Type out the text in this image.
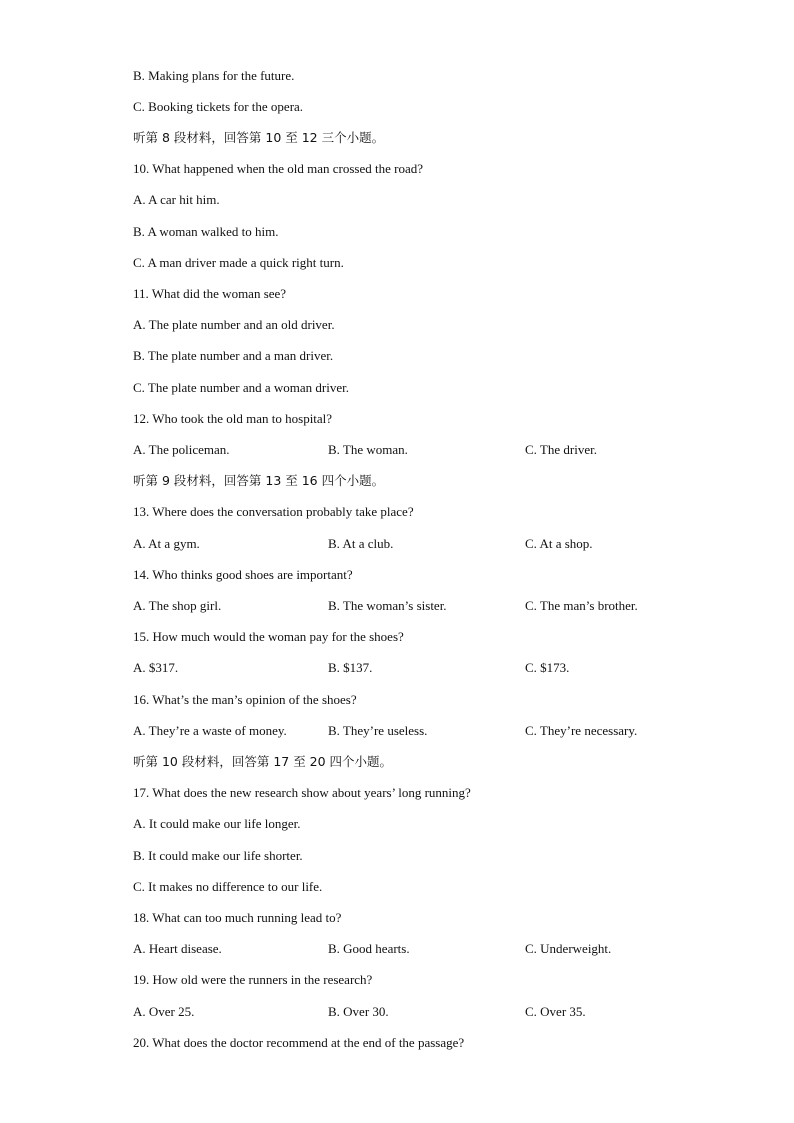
B. Making plans for the future.
C. Booking tickets for the opera.
听第 8 段材料，回答第 10 至 12 三个小题。
10. What happened when the old man crossed the road?
A. A car hit him.
B. A woman walked to him.
C. A man driver made a quick right turn.
11. What did the woman see?
A. The plate number and an old driver.
B. The plate number and a man driver.
C. The plate number and a woman driver.
12. Who took the old man to hospital?
A. The policeman.	B. The woman.	C. The driver.
听第 9 段材料，回答第 13 至 16 四个小题。
13. Where does the conversation probably take place?
A. At a gym.	B. At a club.	C. At a shop.
14. Who thinks good shoes are important?
A. The shop girl.	B. The woman’s sister.	C. The man’s brother.
15. How much would the woman pay for the shoes?
A. $317.	B. $137.	C. $173.
16. What’s the man’s opinion of the shoes?
A. They’re a waste of money.	B. They’re useless.	C. They’re necessary.
听第 10 段材料，回答第 17 至 20 四个小题。
17. What does the new research show about years’ long running?
A. It could make our life longer.
B. It could make our life shorter.
C. It makes no difference to our life.
18. What can too much running lead to?
A. Heart disease.	B. Good hearts.	C. Underweight.
19. How old were the runners in the research?
A. Over 25.	B. Over 30.	C. Over 35.
20. What does the doctor recommend at the end of the passage?
